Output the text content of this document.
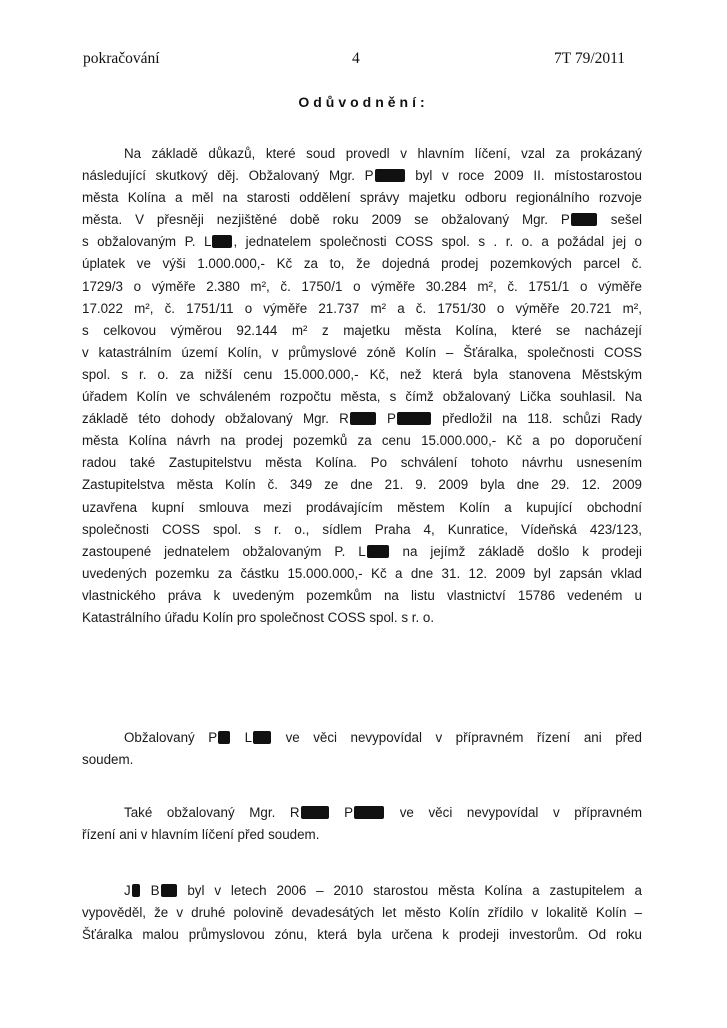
pokračování	4	7T 79/2011
Odůvodnění:
Na základě důkazů, které soud provedl v hlavním líčení, vzal za prokázaný
následující skutkový děj. Obžalovaný Mgr. P byl v roce 2009 II. místostarostou
města Kolína a měl na starosti oddělení správy majetku odboru regionálního rozvoje
města. V přesněji nezjištěné době roku 2009 se obžalovaný Mgr. P sešel
s obžalovaným P. L , jednatelem společnosti COSS spol. s . r. o. a požádal jej o
úplatek ve výši 1.000.000,- Kč za to, že dojedná prodej pozemkových parcel č.
1729/3 o výměře 2.380 m², č. 1750/1 o výměře 30.284 m², č. 1751/1 o výměře
17.022 m², č. 1751/11 o výměře 21.737 m² a č. 1751/30 o výměře 20.721 m²,
s celkovou výměrou 92.144 m² z majetku města Kolína, které se nacházejí
v katastrálním území Kolín, v průmyslové zóně Kolín – Šťáralka, společnosti COSS
spol. s r. o. za nižší cenu 15.000.000,- Kč, než která byla stanovena Městským
úřadem Kolín ve schváleném rozpočtu města, s čímž obžalovaný Lička souhlasil. Na
základě této dohody obžalovaný Mgr. R P	předložil na 118. schůzi Rady
města Kolína návrh na prodej pozemků za cenu 15.000.000,- Kč a po doporučení
radou také Zastupitelstvu města Kolína. Po schválení tohoto návrhu usnesením
Zastupitelstva města Kolín č. 349 ze dne 21. 9. 2009 byla dne 29. 12. 2009
uzavřena kupní smlouva mezi prodávajícím městem Kolín a kupující obchodní
společnosti COSS spol. s r. o., sídlem Praha 4, Kunratice, Vídeňská 423/123,
zastoupené jednatelem obžalovaným P. L na jejímž základě došlo k prodeji
uvedených pozemku za částku 15.000.000,- Kč a dne 31. 12. 2009 byl zapsán vklad
vlastnického práva k uvedeným pozemkům na listu vlastnictví 15786 vedeném u
Katastrálního úřadu Kolín pro společnost COSS spol. s r. o.
Obžalovaný P L ve věci nevypovídal v přípravném řízení ani před
soudem.
Také obžalovaný Mgr. R P ve věci nevypovídal v přípravném
řízení ani v hlavním líčení před soudem.
J B byl v letech 2006 – 2010 starostou města Kolína a zastupitelem a
vypověděl, že v druhé polovině devadesátých let město Kolín zřídilo v lokalitě Kolín –
Šťáralka malou průmyslovou zónu, která byla určena k prodeji investorům. Od roku
